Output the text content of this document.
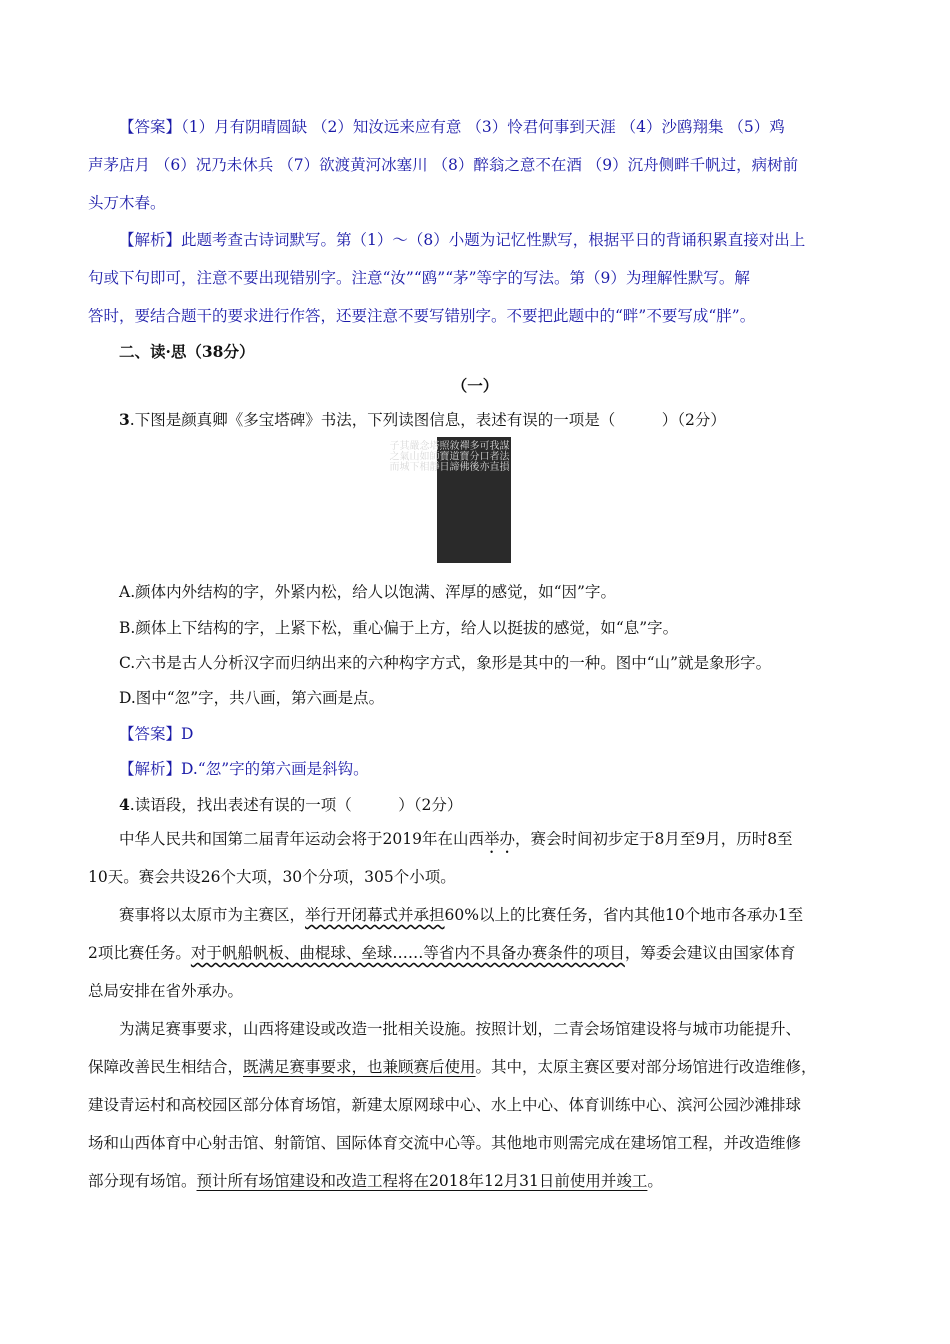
【答案】（1）月有阴晴圆缺 （2）知汝远来应有意 （3）怜君何事到天涯 （4）沙鸥翔集 （5）鸡
声茅店月 （6）况乃未休兵 （7）欲渡黄河冰塞川 （8）醉翁之意不在酒 （9）沉舟侧畔千帆过，病树前
头万木春。
【解析】此题考查古诗词默写。第（1）～（8）小题为记忆性默写，根据平日的背诵积累直接对出上
句或下句即可，注意不要出现错别字。注意“汝”“鸥”“茅”等字的写法。第（9）为理解性默写。解
答时，要结合题干的要求进行作答，还要注意不要写错别字。不要把此题中的“畔”不要写成“胖”。
二、读·思（38分）
（一）
3.下图是颜真卿《多宝塔碑》书法，下列读图信息，表述有误的一项是（　　　）（2分）
謀法損
我者直
可口亦
多分後
禪寶佛
敘道諦
照寶日
塔師靜
念如相
嚴山下
其氣城
子之而
A.颜体内外结构的字，外紧内松，给人以饱满、浑厚的感觉，如“因”字。
B.颜体上下结构的字，上紧下松，重心偏于上方，给人以挺拔的感觉，如“息”字。
C.六书是古人分析汉字而归纳出来的六种构字方式，象形是其中的一种。图中“山”就是象形字。
D.图中“忽”字，共八画，第六画是点。
【答案】D
【解析】D.“忽”字的第六画是斜钩。
4.读语段，找出表述有误的一项（　　　）（2分）
中华人民共和国第二届青年运动会将于2019年在山西举办，赛会时间初步定于8月至9月，历时8至
10天。赛会共设26个大项，30个分项，305个小项。
赛事将以太原市为主赛区，举行开闭幕式并承担60%以上的比赛任务，省内其他10个地市各承办1至
2项比赛任务。对于帆船帆板、曲棍球、垒球……等省内不具备办赛条件的项目，筹委会建议由国家体育
总局安排在省外承办。
为满足赛事要求，山西将建设或改造一批相关设施。按照计划，二青会场馆建设将与城市功能提升、
保障改善民生相结合，既满足赛事要求，也兼顾赛后使用。其中，太原主赛区要对部分场馆进行改造维修，
建设青运村和高校园区部分体育场馆，新建太原网球中心、水上中心、体育训练中心、滨河公园沙滩排球
场和山西体育中心射击馆、射箭馆、国际体育交流中心等。其他地市则需完成在建场馆工程，并改造维修
部分现有场馆。预计所有场馆建设和改造工程将在2018年12月31日前使用并竣工。
